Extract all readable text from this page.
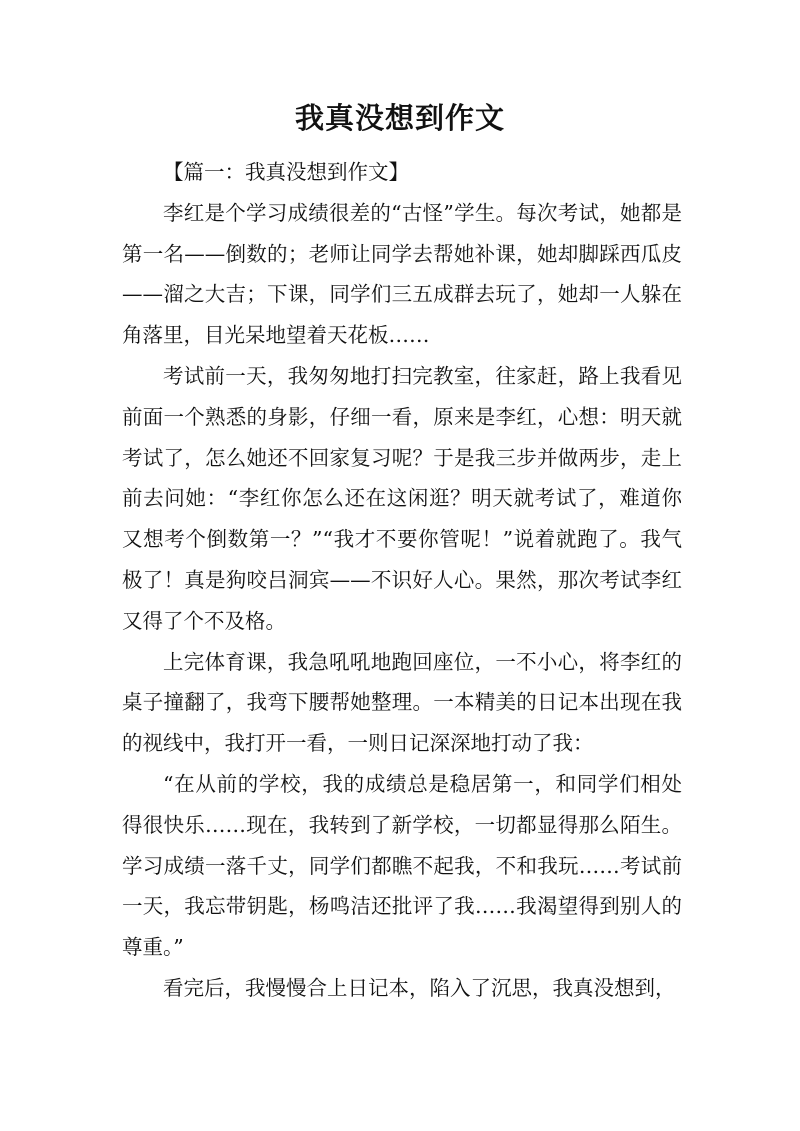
我真没想到作文

【篇一：我真没想到作文】

李红是个学习成绩很差的“古怪”学生。每次考试，她都是第一名——倒数的；老师让同学去帮她补课，她却脚踩西瓜皮——溜之大吉；下课，同学们三五成群去玩了，她却一人躲在角落里，目光呆地望着天花板……

考试前一天，我匆匆地打扫完教室，往家赶，路上我看见前面一个熟悉的身影，仔细一看，原来是李红，心想：明天就考试了，怎么她还不回家复习呢？于是我三步并做两步，走上前去问她：“李红你怎么还在这闲逛？明天就考试了，难道你又想考个倒数第一？”“我才不要你管呢！”说着就跑了。我气极了！真是狗咬吕洞宾——不识好人心。果然，那次考试李红又得了个不及格。

上完体育课，我急吼吼地跑回座位，一不小心，将李红的桌子撞翻了，我弯下腰帮她整理。一本精美的日记本出现在我的视线中，我打开一看，一则日记深深地打动了我：

“在从前的学校，我的成绩总是稳居第一，和同学们相处得很快乐……现在，我转到了新学校，一切都显得那么陌生。学习成绩一落千丈，同学们都瞧不起我，不和我玩……考试前一天，我忘带钥匙，杨鸣洁还批评了我……我渴望得到别人的尊重。”

看完后，我慢慢合上日记本，陷入了沉思，我真没想到，
